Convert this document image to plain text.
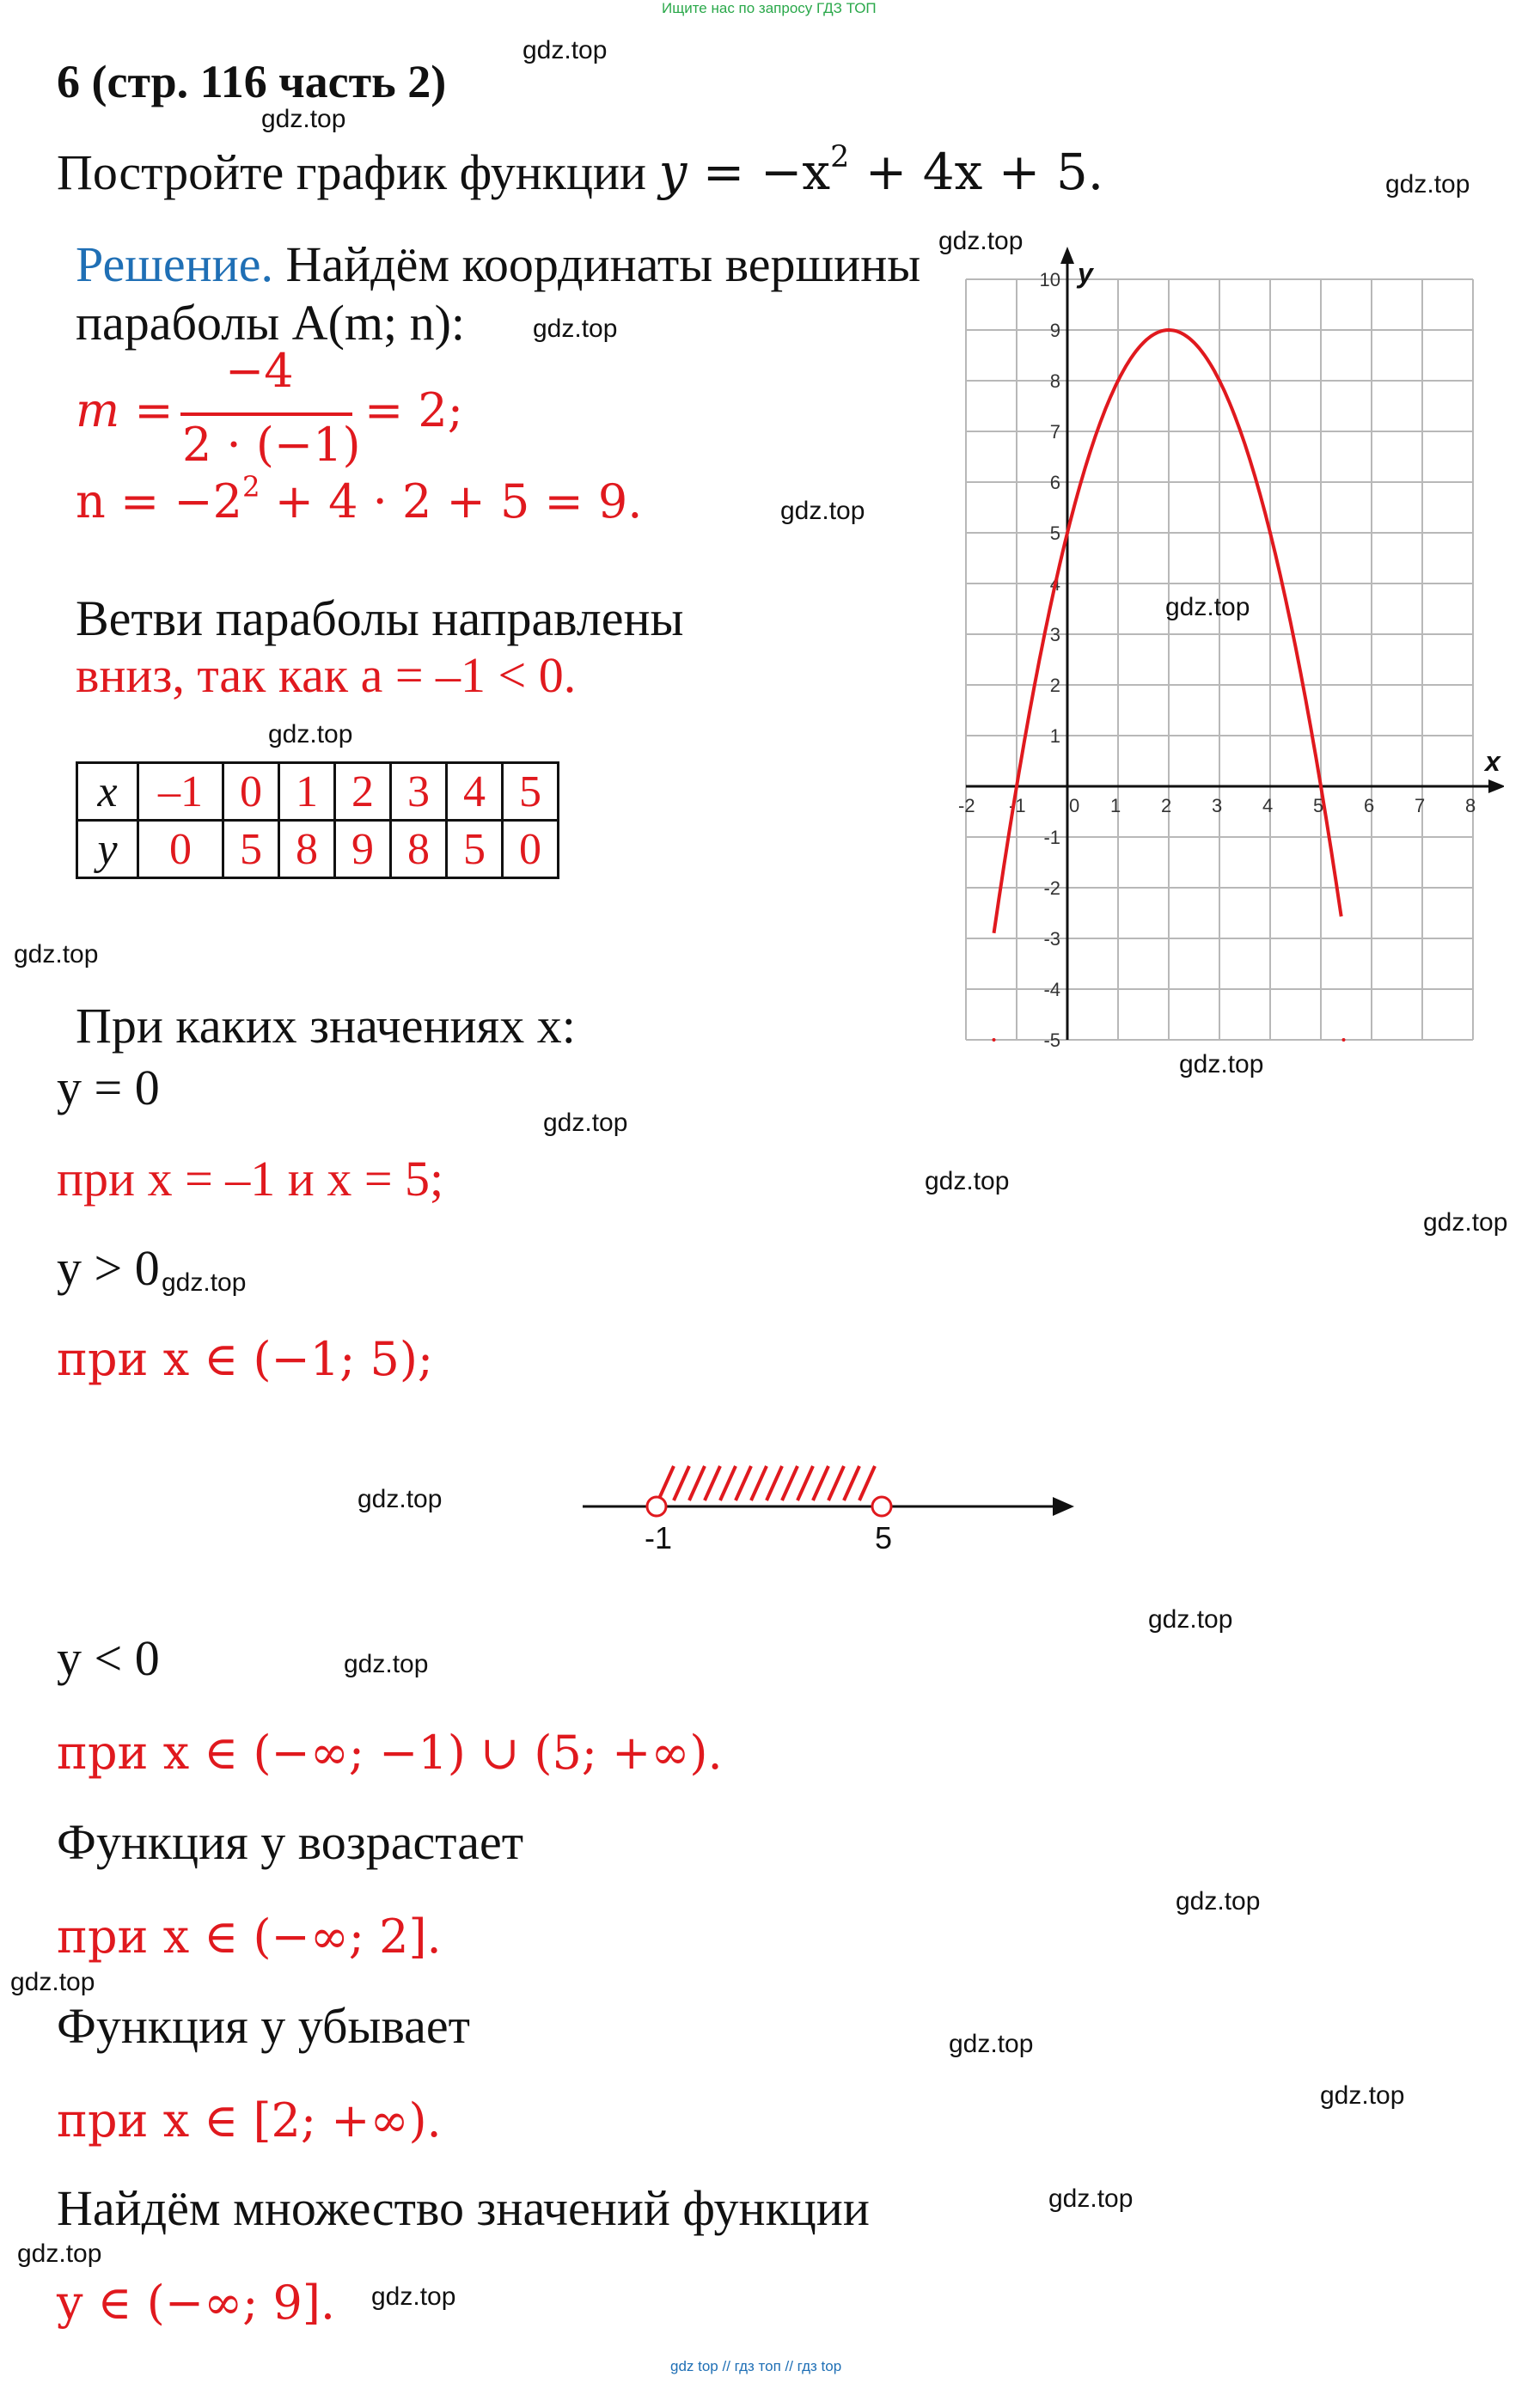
Ищите нас по запросу ГДЗ ТОП
6 (стр. 116 часть 2)
Постройте график функции $y = -x^2 + 4x + 5$.
Решение. Найдём координаты вершины
параболы A(m; n):
m =
−4
2 · (−1)
= 2;
$n = -2^2 + 4 \cdot 2 + 5 = 9$.
Ветви параболы направлены
вниз, так как a = –1 < 0.
x	–1	0	1	2	3	4	5
y	0	5	8	9	8	5	0
При каких значениях x:
y = 0
при x = –1 и x = 5;
y > 0
при x ∈ (−1; 5);
-1	5
y < 0
при x ∈ (−∞; −1) ∪ (5; +∞).
Функция y возрастает
при x ∈ (−∞; 2].
Функция y убывает
при x ∈ [2; +∞).
Найдём множество значений функции
y ∈ (−∞; 9].
-2 -1 0 1 2 3 4 5 6 7 8
-5
-4
-3
-2
-1
1
2
3
4
5
6
7
8
9
10
x
y
gdz.top
gdz.top
gdz.top
gdz.top
gdz.top
gdz.top
gdz.top
gdz.top
gdz.top
gdz.top
gdz.top
gdz.top
gdz.top
gdz.top
gdz.top
gdz.top
gdz.top
gdz.top
gdz.top
gdz.top
gdz.top
gdz.top
gdz.top
gdz.top
gdz top // гдз топ // гдз top
